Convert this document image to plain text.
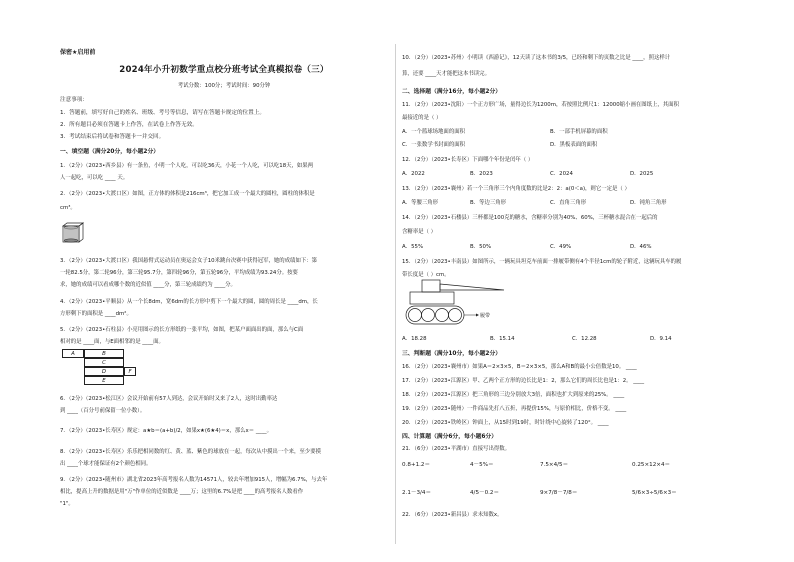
保密★启用前
2024年小升初数学重点校分班考试全真模拟卷（三）
考试分数：100分；考试时间：90分钟
注意事项：
1．答题前，填写好自己的姓名、班级、考号等信息，请写在答题卡规定的位置上。
2．所有题目必须在答题卡上作答，在试卷上作答无效。
3．考试结束后将试卷和答题卡一并交回。
一、填空题（满分20分，每小题2分）
1．（2分）（2023•西乡县）有一条鱼，小明一个人吃，可以吃36天，小花一个人吃，可以吃18天，如果两
人一起吃，可以吃 ____ 天。
2．（2分）（2023•大渡口区）如图，正方体的体积是216cm³，把它加工成一个最大的圆柱，圆柱的体积是
cm³。
3．（2分）（2023•大渡口区）我国悬臂式运动员在奥运会女子10米跳台决赛中获得冠军，她的成绩如下：第
一轮82.5分，第二轮96分，第三轮95.7分，第四轮96分，第五轮96分，平均成绩为93.24分。按要
求，她的成绩可以看成哪个数的近似值 ____分，第三轮成绩约为 ____分。
4．（2分）（2023•平顺县）从一个长8dm，宽6dm的长方形中剪下一个最大的圆，圆的周长是 ____dm，长
方形剩下的面积是 ____dm²。
5．（2分）（2023•石柱县）小亮用图示的长方形纸的一张平均，如图，把某户面面出的面，那么与C面
相对的是 ____面，与E面相邻的是 ____面。
A	B
C
D
E
F
6．（2分）（2023•松江区）会议开始前有57人到达，会议开始时又来了2人，这时出勤率达
到 ____（百分号前保留一位小数）。
7．（2分）（2023•长寿区）规定：a★b＝(a+b)/2，如果x★(6★4)＝x，那么x＝ ____。
8．（2分）（2023•长寿区）乐乐把相同数的红、黄、蓝、紫色的球放在一起，每次从中摸出一个来，至少要摸
出 ____个球才能保证有2个颜色相同。
9．（2分）（2023•随州市）湖北省2023年高考报名人数为14571人，较去年增加915人，增幅为6.7%，与去年
相比，提高上升的数据是用"万"作单位的近似数是 ____万；这里的6.7%是把 ____的高考报名人数看作
"1"。
10．（2分）（2023•苏州）小明读《西游记》，12天读了这本书的3/5，已经和剩下的页数之比是 ____，照这样计
算，还要 ____天才能把这本书读完。
二、选择题（满分16分，每小题2分）
11．（2分）（2023•沈阳）一个正方形广场，量得边长为1200m，若按照比例尺1：12000缩小画在图纸上，其面积
最接近的是（ ）
A．一个篮球场地面的面积	B．一部手机屏幕的面积
C．一张数学书封面的面积	D．黑板表面的面积
12．（2分）（2023•长寿区）下面哪个年份是闰年（ ）
A．2022	B．2023	C．2024	D．2025
13．（2分）（2023•襄州）若一个三角形三个内角度数的比是2：2：a(0＜a)，则它一定是（ ）
A．等腰三角形	B．等边三角形	C．直角三角形	D．钝角三角形
14．（2分）（2023•石楼县）三杯都是100克的糖水，含糖率分别为40%、60%，三杯糖水混合在一起后的
含糖率是（ ）
A．55%	B．50%	C．49%	D．46%
15．（2分）（2023•丰南县）如图所示，一辆玩具坦克车前面一排履带侧有4个半径1cm的轮子附近，这辆玩具车的履
带长度是（ ）cm。
履带
A．18.28	B．15.14	C．12.28	D．9.14
三、判断题（满分10分，每小题2分）
16．（2分）（2023•襄州市）如果A＝2×3×5，B＝2×3×5，那么A和B的最小公倍数是10。 ____
17．（2分）（2023•江源区）甲、乙两个正方形的边长比是1：2，那么它们的周长比也是1：2。 ____
18．（2分）（2023•江源区）把三角形的三边分别放大3倍，面积也扩大到原来的25%。 ____
19．（2分）（2023•随州）一件商品先打八五折，再提价15%，与原价相比，价格不变。 ____
20．（2分）（2023•铁岭区）钟面上，从15时到19时，时针绕中心旋转了120°。 ____
四、计算题（满分6分，每小题6分）
21．（6分）（2023•平湖市）直接写出得数。
0.8+1.2＝	4－5%＝	7.5×4/5＝	0.25×12×4＝
2.1－3/4＝	4/5－0.2＝	9×7/8－7/8＝	5/6×3÷5/6×3＝
22．（6分）（2023•新昌县）求未知数x。
